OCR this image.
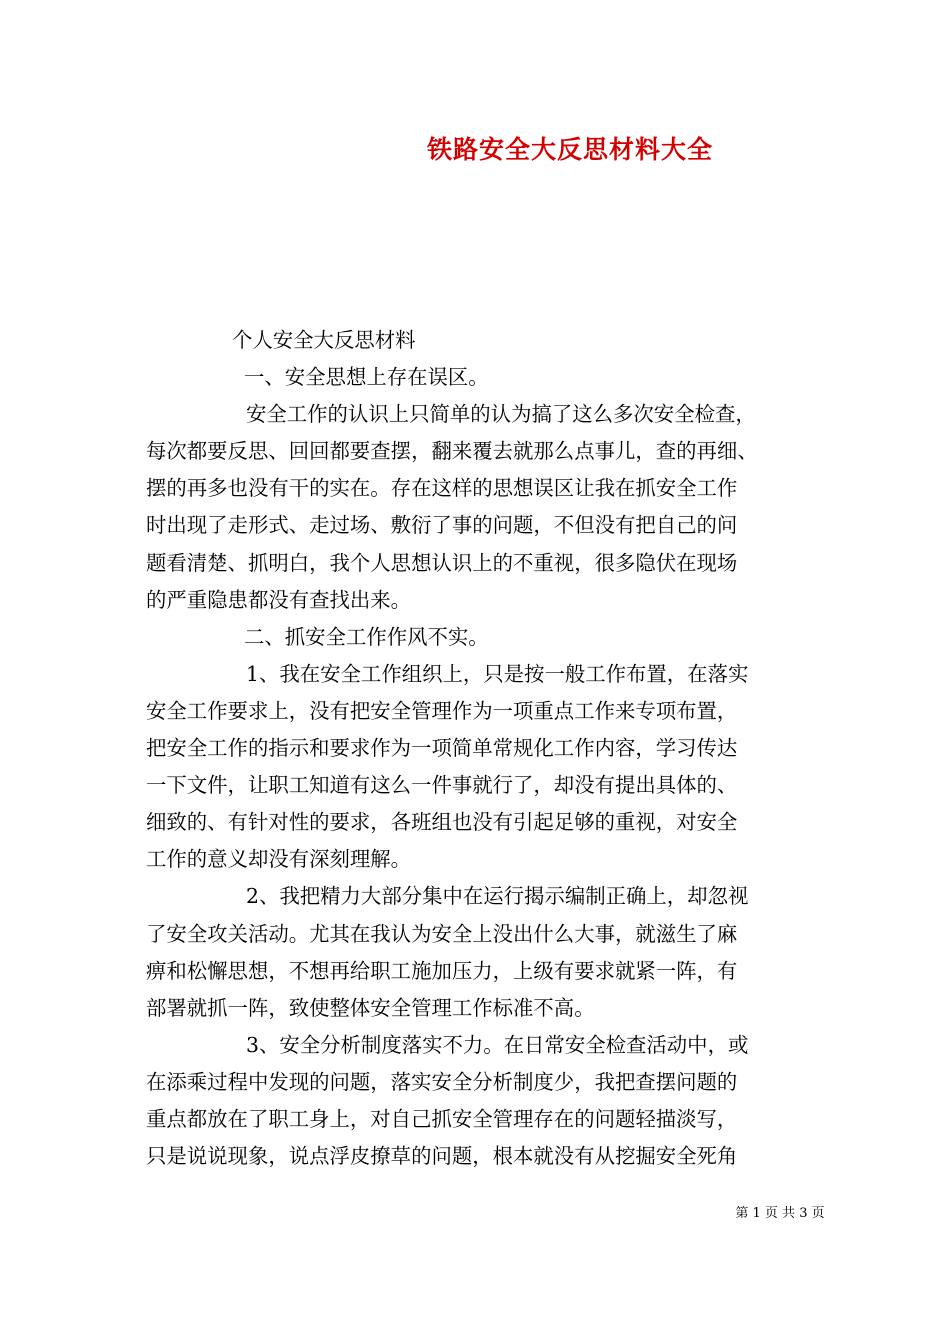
铁路安全大反思材料大全
个人安全大反思材料
一、安全思想上存在误区。
安全工作的认识上只简单的认为搞了这么多次安全检查，
每次都要反思、回回都要查摆，翻来覆去就那么点事儿，查的再细、
摆的再多也没有干的实在。存在这样的思想误区让我在抓安全工作
时出现了走形式、走过场、敷衍了事的问题，不但没有把自己的问
题看清楚、抓明白，我个人思想认识上的不重视，很多隐伏在现场
的严重隐患都没有查找出来。
二、抓安全工作作风不实。
1、我在安全工作组织上，只是按一般工作布置，在落实
安全工作要求上，没有把安全管理作为一项重点工作来专项布置，
把安全工作的指示和要求作为一项简单常规化工作内容，学习传达
一下文件，让职工知道有这么一件事就行了，却没有提出具体的、
细致的、有针对性的要求，各班组也没有引起足够的重视，对安全
工作的意义却没有深刻理解。
2、我把精力大部分集中在运行揭示编制正确上，却忽视
了安全攻关活动。尤其在我认为安全上没出什么大事，就滋生了麻
痹和松懈思想，不想再给职工施加压力，上级有要求就紧一阵，有
部署就抓一阵，致使整体安全管理工作标准不高。
3、安全分析制度落实不力。在日常安全检查活动中，或
在添乘过程中发现的问题，落实安全分析制度少，我把查摆问题的
重点都放在了职工身上，对自己抓安全管理存在的问题轻描淡写，
只是说说现象，说点浮皮撩草的问题，根本就没有从挖掘安全死角
第 1 页 共 3 页
